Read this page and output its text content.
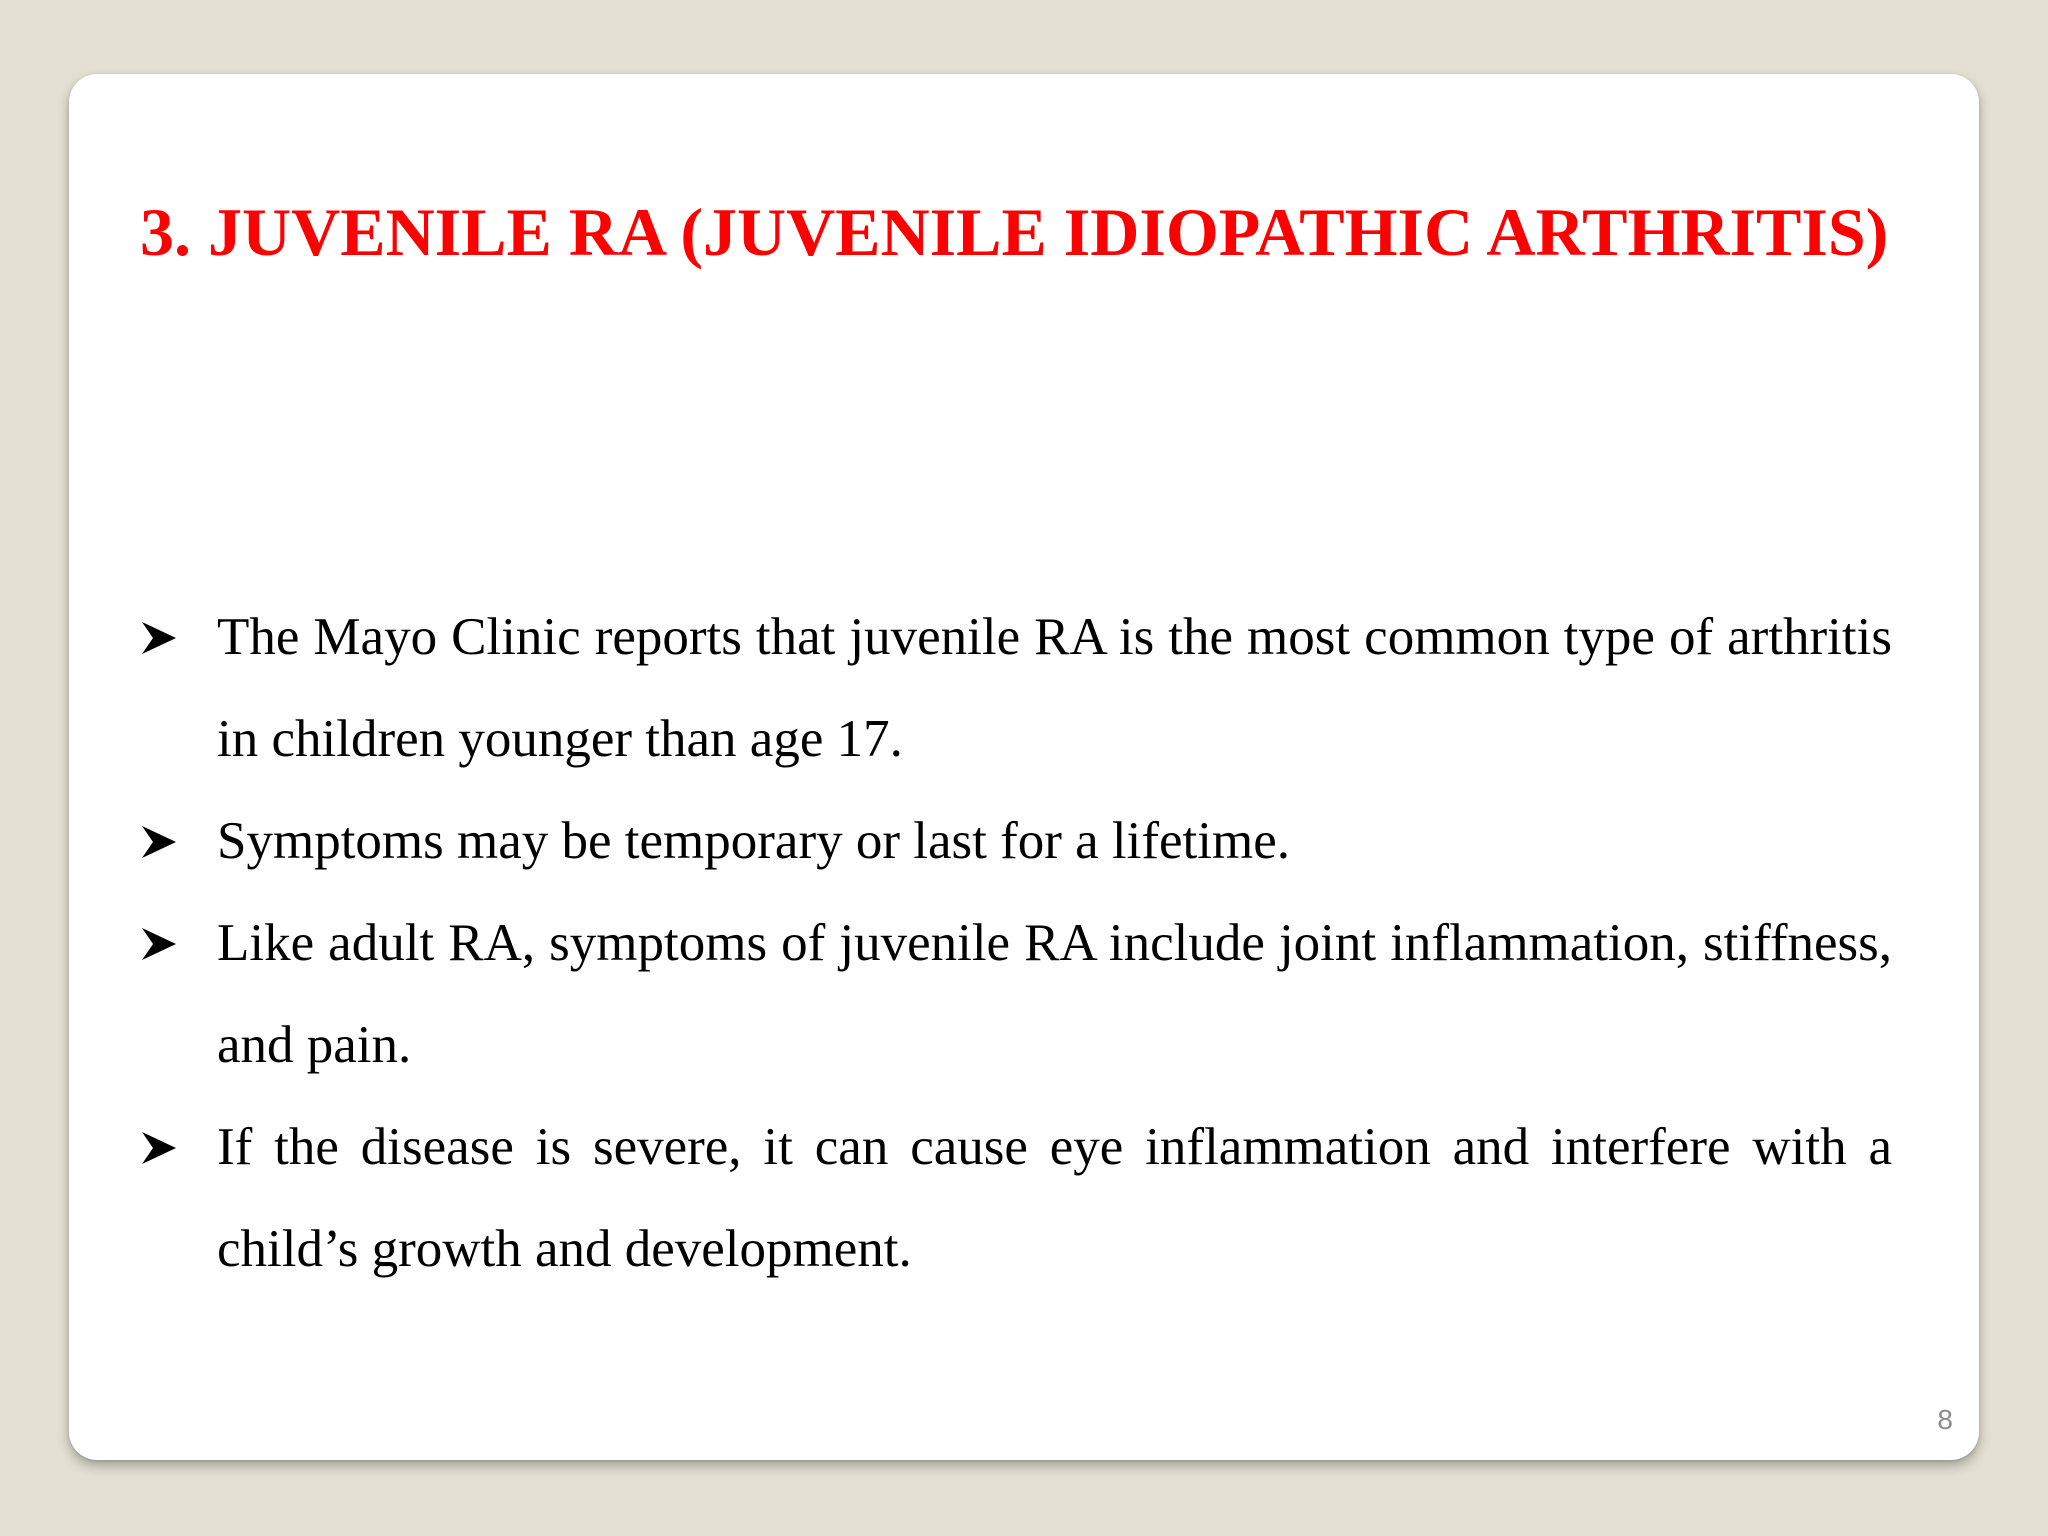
3. JUVENILE RA (JUVENILE IDIOPATHIC ARTHRITIS)
The Mayo Clinic reports that juvenile RA is the most common type of arthritis in children younger than age 17.
Symptoms may be temporary or last for a lifetime.
Like adult RA, symptoms of juvenile RA include joint inflammation, stiffness, and pain.
If the disease is severe, it can cause eye inflammation and interfere with a child’s growth and development.
8
